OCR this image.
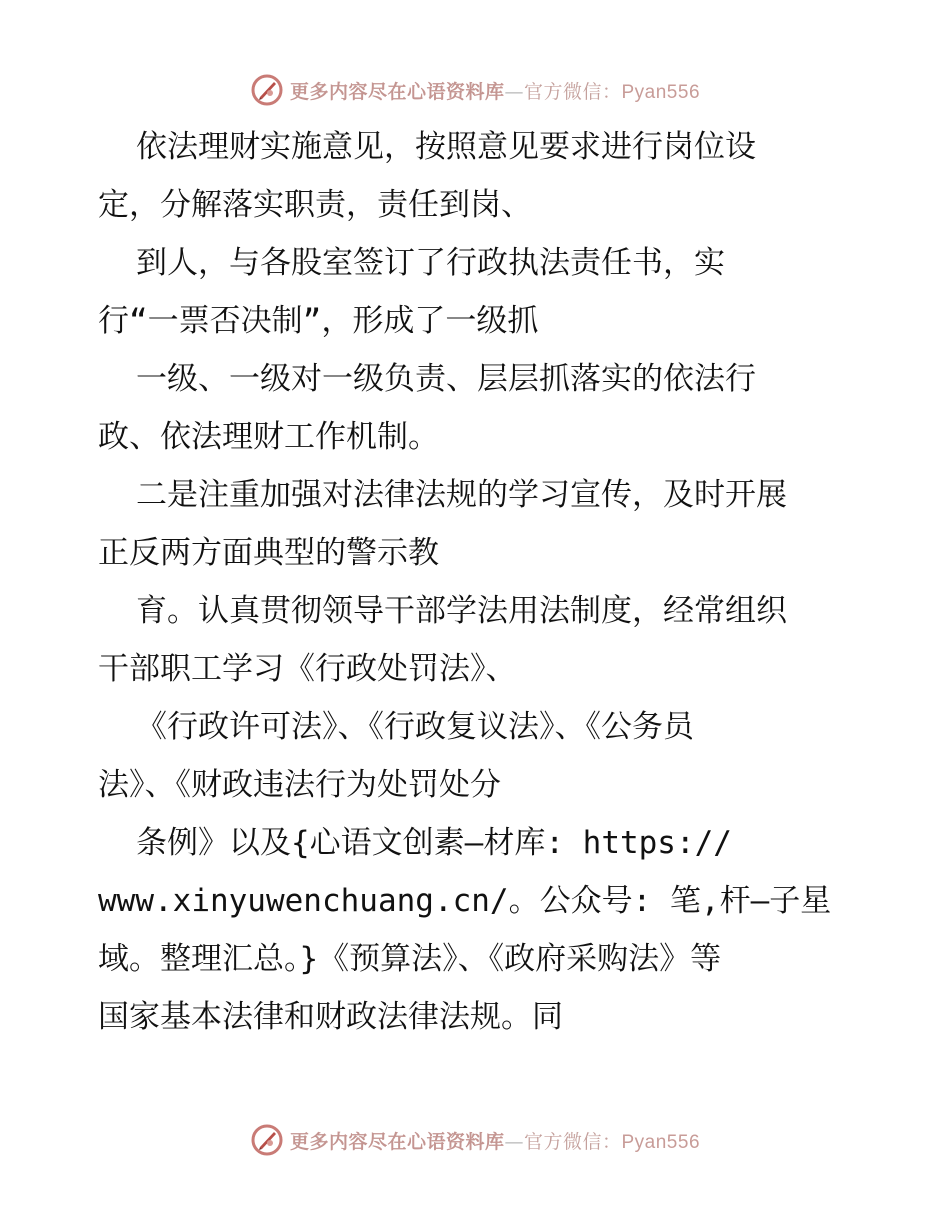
更多内容尽在心语资料库—官方微信：Pyan556
依法理财实施意见，按照意见要求进行岗位设
定，分解落实职责，责任到岗、
到人，与各股室签订了行政执法责任书，实
行“一票否决制”，形成了一级抓
一级、一级对一级负责、层层抓落实的依法行
政、依法理财工作机制。
二是注重加强对法律法规的学习宣传，及时开展
正反两方面典型的警示教
育。认真贯彻领导干部学法用法制度，经常组织
干部职工学习《行政处罚法》、
《行政许可法》、《行政复议法》、《公务员
法》、《财政违法行为处罚处分
条例》以及{心语文创素—材库: https://
www.xinyuwenchuang.cn/。公众号: 笔,杆—子星
域。整理汇总。}《预算法》、《政府采购法》等
国家基本法律和财政法律法规。同
更多内容尽在心语资料库—官方微信：Pyan556
